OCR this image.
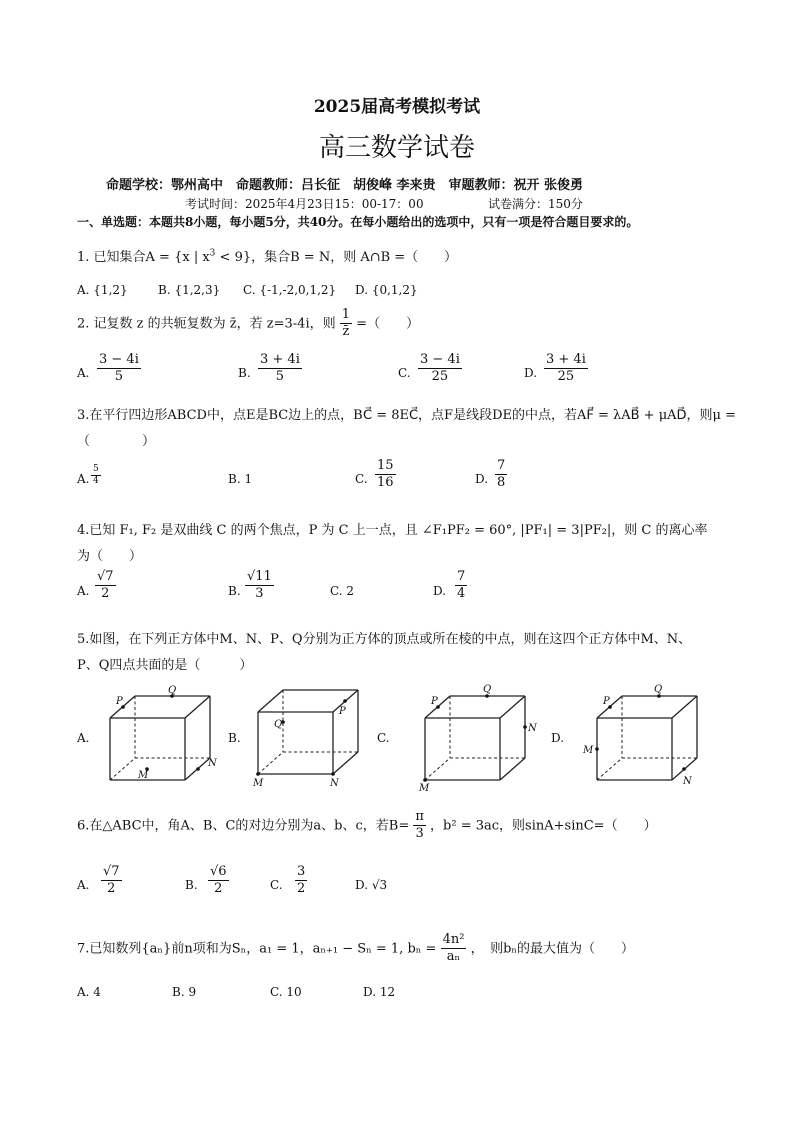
2025届高考模拟考试
高三数学试卷
命题学校：鄂州高中　命题教师：吕长征　胡俊峰 李来贵　审题教师：祝开 张俊勇
考试时间：2025年4月23日15：00-17：00	试卷满分：150分
一、单选题：本题共8小题，每小题5分，共40分。在每小题给出的选项中，只有一项是符合题目要求的。
1. 已知集合A = {x | $x^3 < 9$}，集合B = N，则 A∩B =（　　）
A. {1,2}	B. {1,2,3} C. {-1,-2,0,1,2} D. {0,1,2}
2. 记复数 z 的共轭复数为 z̄，若 z=3-4i，则 $\frac{1}{z̄}$ =（　　）
A. $\frac{3 - 4i}{5}$	B. $\frac{3 + 4i}{5}$	C. $\frac{3 - 4i}{25}$	D. $\frac{3 + 4i}{25}$
3.在平行四边形ABCD中，点E是BC边上的点，BC⃗ = 8EC⃗，点F是线段DE的中点，若AF⃗ = λAB⃗ + μAD⃗，则μ =
（　　　　）
A. $\frac{5}{4}$	B. 1	C. $\frac{15}{16}$	D. $\frac{7}{8}$
4.已知 F₁, F₂ 是双曲线 C 的两个焦点，P 为 C 上一点，且 ∠F₁PF₂ = 60°, |PF₁| = 3|PF₂|，则 C 的离心率
为（　　）
A. $\frac{√7}{2}$	B. $\frac{√11}{3}$	C. 2	D. $\frac{7}{4}$
5.如图，在下列正方体中M、N、P、Q分别为正方体的顶点或所在棱的中点，则在这四个正方体中M、N、
P、Q四点共面的是（　　　）
A.	B.	C.	D.
P
Q
M
N
P
Q
M	N
P
Q
M
N
P
Q
M
N
6.在△ABC中，角A、B、C的对边分别为a、b、c，若$B= \frac{\pi}{3}$ ，b² = 3ac，则sinA+sinC=（　　）
A. $\frac{√7}{2}$	B. $\frac{√6}{2}$	C. $\frac{3}{2}$	D. √3
7.已知数列{aₙ}前n项和为Sₙ，a₁ = 1，aₙ₊₁ − Sₙ = 1, $b_n = \frac{\text{4n²}}{\text{aₙ}}$ ，　则bₙ的最大值为（　　）
A. 4	B. 9	C. 10	D. 12
